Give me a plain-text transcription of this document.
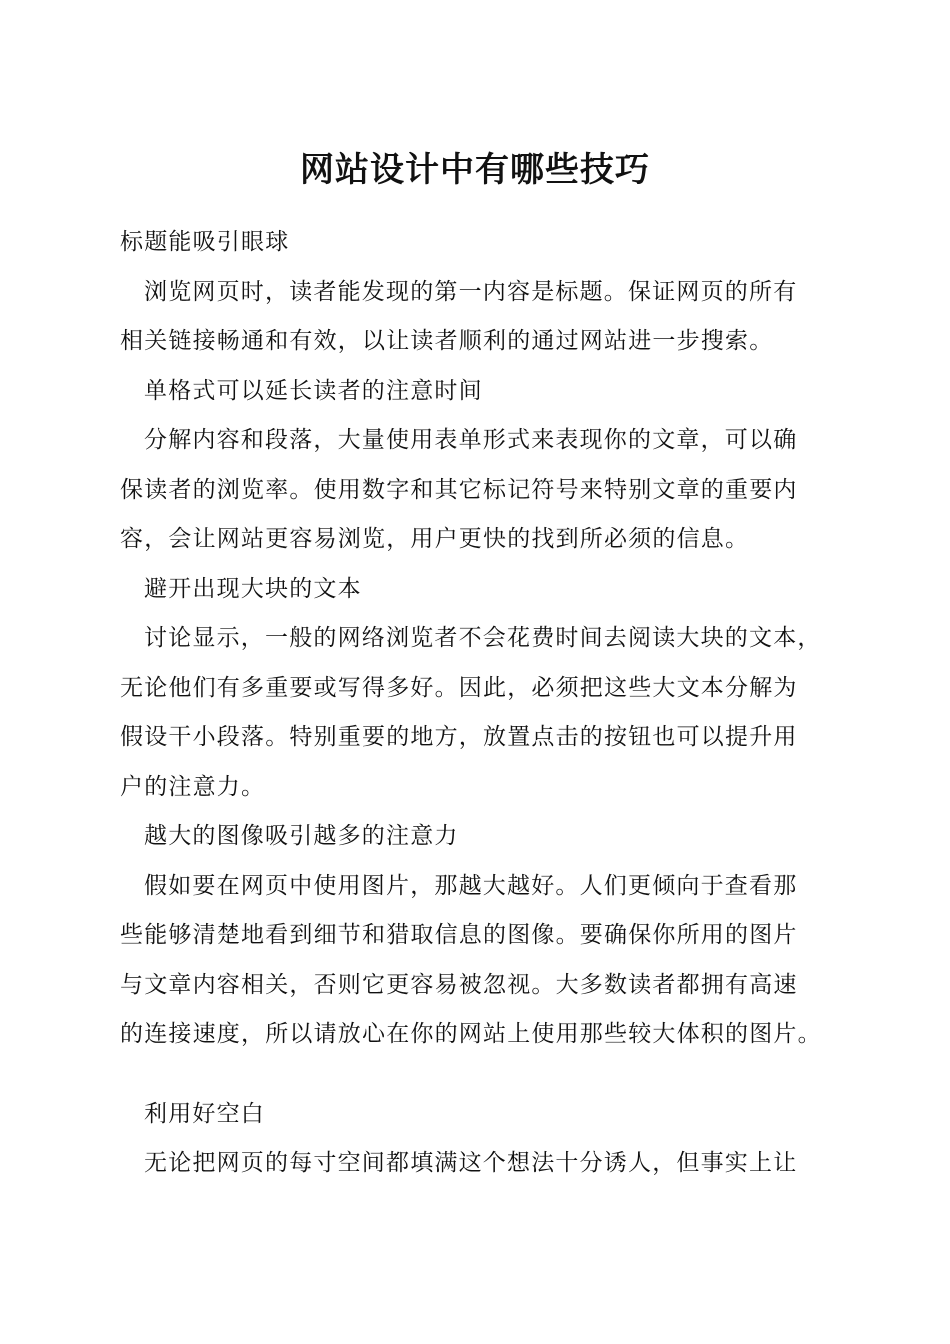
网站设计中有哪些技巧
标题能吸引眼球
浏览网页时，读者能发现的第一内容是标题。保证网页的所有
相关链接畅通和有效，以让读者顺利的通过网站进一步搜索。
单格式可以延长读者的注意时间
分解内容和段落，大量使用表单形式来表现你的文章，可以确
保读者的浏览率。使用数字和其它标记符号来特别文章的重要内
容，会让网站更容易浏览，用户更快的找到所必须的信息。
避开出现大块的文本
讨论显示，一般的网络浏览者不会花费时间去阅读大块的文本，
无论他们有多重要或写得多好。因此，必须把这些大文本分解为
假设干小段落。特别重要的地方，放置点击的按钮也可以提升用
户的注意力。
越大的图像吸引越多的注意力
假如要在网页中使用图片，那越大越好。人们更倾向于查看那
些能够清楚地看到细节和猎取信息的图像。要确保你所用的图片
与文章内容相关，否则它更容易被忽视。大多数读者都拥有高速
的连接速度，所以请放心在你的网站上使用那些较大体积的图片。
利用好空白
无论把网页的每寸空间都填满这个想法十分诱人，但事实上让
